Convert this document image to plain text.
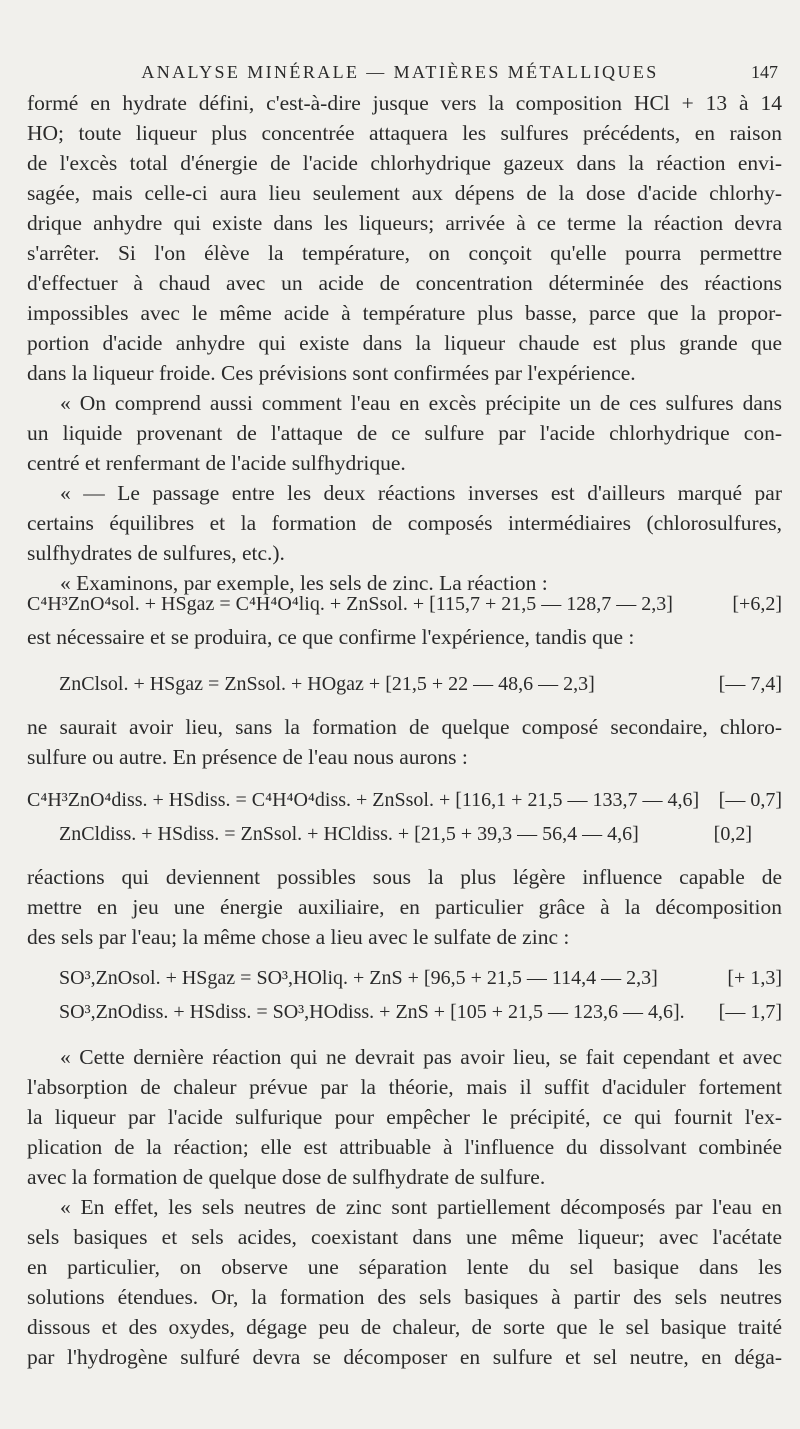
ANALYSE MINÉRALE — MATIÈRES MÉTALLIQUES	147
formé en hydrate défini, c'est-à-dire jusque vers la composition HCl + 13 à 14
HO; toute liqueur plus concentrée attaquera les sulfures précédents, en raison
de l'excès total d'énergie de l'acide chlorhydrique gazeux dans la réaction envi-
sagée, mais celle-ci aura lieu seulement aux dépens de la dose d'acide chlorhy-
drique anhydre qui existe dans les liqueurs; arrivée à ce terme la réaction devra
s'arrêter. Si l'on élève la température, on conçoit qu'elle pourra permettre
d'effectuer à chaud avec un acide de concentration déterminée des réactions
impossibles avec le même acide à température plus basse, parce que la propor-
portion d'acide anhydre qui existe dans la liqueur chaude est plus grande que
dans la liqueur froide. Ces prévisions sont confirmées par l'expérience.
« On comprend aussi comment l'eau en excès précipite un de ces sulfures dans
un liquide provenant de l'attaque de ce sulfure par l'acide chlorhydrique con-
centré et renfermant de l'acide sulfhydrique.
« — Le passage entre les deux réactions inverses est d'ailleurs marqué par
certains équilibres et la formation de composés intermédiaires (chlorosulfures,
sulfhydrates de sulfures, etc.).
« Examinons, par exemple, les sels de zinc. La réaction :
C⁴H³ZnO⁴sol. + HSgaz = C⁴H⁴O⁴liq. + ZnSsol. + [115,7 + 21,5 — 128,7 — 2,3]	[+6,2]
est nécessaire et se produira, ce que confirme l'expérience, tandis que :
ZnClsol. + HSgaz = ZnSsol. + HOgaz + [21,5 + 22 — 48,6 — 2,3]	[— 7,4]
ne saurait avoir lieu, sans la formation de quelque composé secondaire, chloro-
sulfure ou autre. En présence de l'eau nous aurons :
C⁴H³ZnO⁴diss. + HSdiss. = C⁴H⁴O⁴diss. + ZnSsol. + [116,1 + 21,5 — 133,7 — 4,6] [— 0,7]
ZnCldiss. + HSdiss. = ZnSsol. + HCldiss. + [21,5 + 39,3 — 56,4 — 4,6]	[0,2]
réactions qui deviennent possibles sous la plus légère influence capable de
mettre en jeu une énergie auxiliaire, en particulier grâce à la décomposition
des sels par l'eau; la même chose a lieu avec le sulfate de zinc :
SO³,ZnOsol. + HSgaz = SO³,HOliq. + ZnS + [96,5 + 21,5 — 114,4 — 2,3]	[+ 1,3]
SO³,ZnOdiss. + HSdiss. = SO³,HOdiss. + ZnS + [105 + 21,5 — 123,6 — 4,6]. [— 1,7]
« Cette dernière réaction qui ne devrait pas avoir lieu, se fait cependant et avec
l'absorption de chaleur prévue par la théorie, mais il suffit d'aciduler fortement
la liqueur par l'acide sulfurique pour empêcher le précipité, ce qui fournit l'ex-
plication de la réaction; elle est attribuable à l'influence du dissolvant combinée
avec la formation de quelque dose de sulfhydrate de sulfure.
« En effet, les sels neutres de zinc sont partiellement décomposés par l'eau en
sels basiques et sels acides, coexistant dans une même liqueur; avec l'acétate
en particulier, on observe une séparation lente du sel basique dans les
solutions étendues. Or, la formation des sels basiques à partir des sels neutres
dissous et des oxydes, dégage peu de chaleur, de sorte que le sel basique traité
par l'hydrogène sulfuré devra se décomposer en sulfure et sel neutre, en déga-
